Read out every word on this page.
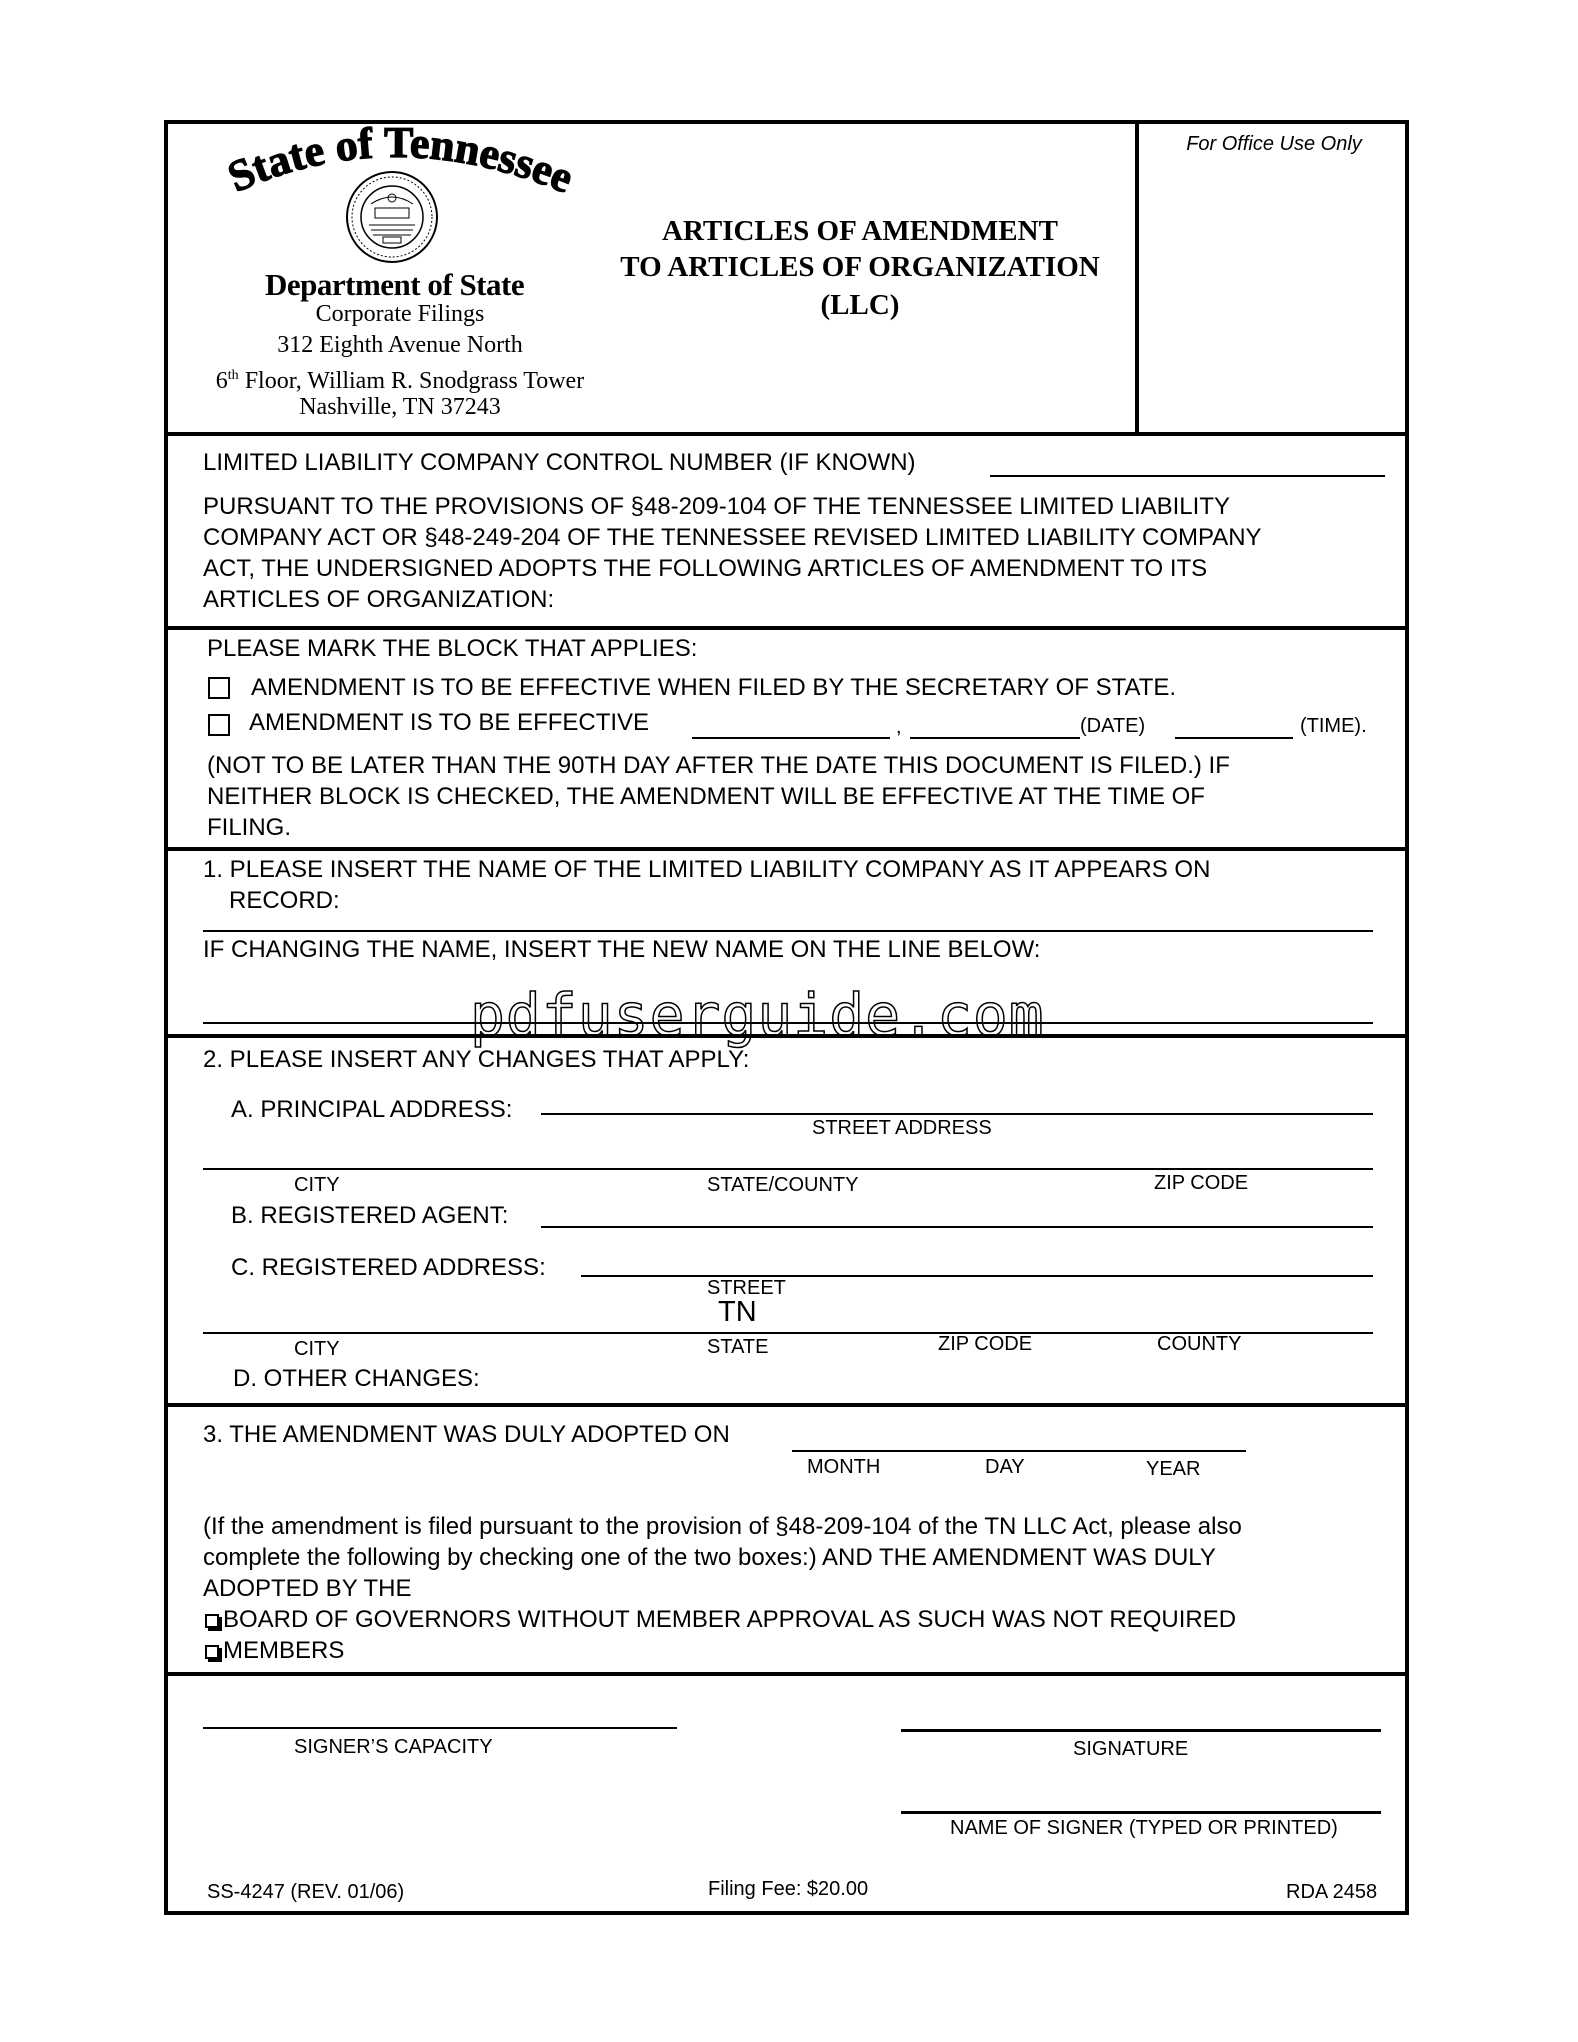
State of Tennessee
Department of State
Corporate Filings
312 Eighth Avenue North
6th Floor, William R. Snodgrass Tower
Nashville, TN 37243
ARTICLES OF AMENDMENT
TO ARTICLES OF ORGANIZATION
(LLC)
For Office Use Only
LIMITED LIABILITY COMPANY CONTROL NUMBER (IF KNOWN)
PURSUANT TO THE PROVISIONS OF §48-209-104 OF THE TENNESSEE LIMITED LIABILITY
COMPANY ACT OR §48-249-204 OF THE TENNESSEE REVISED LIMITED LIABILITY COMPANY
ACT, THE UNDERSIGNED ADOPTS THE FOLLOWING ARTICLES OF AMENDMENT TO ITS
ARTICLES OF ORGANIZATION:
PLEASE MARK THE BLOCK THAT APPLIES:
AMENDMENT IS TO BE EFFECTIVE WHEN FILED BY THE SECRETARY OF STATE.
AMENDMENT IS TO BE EFFECTIVE	,	(DATE)	(TIME).
(NOT TO BE LATER THAN THE 90TH DAY AFTER THE DATE THIS DOCUMENT IS FILED.) IF
NEITHER BLOCK IS CHECKED, THE AMENDMENT WILL BE EFFECTIVE AT THE TIME OF
FILING.
1. PLEASE INSERT THE NAME OF THE LIMITED LIABILITY COMPANY AS IT APPEARS ON
RECORD:
IF CHANGING THE NAME, INSERT THE NEW NAME ON THE LINE BELOW:
pdfuserguide.com
2. PLEASE INSERT ANY CHANGES THAT APPLY:
A. PRINCIPAL ADDRESS:
STREET ADDRESS
CITY	STATE/COUNTY	ZIP CODE
B. REGISTERED AGENT:
C. REGISTERED ADDRESS:
STREET
TN
CITY	STATE	ZIP CODE	COUNTY
D. OTHER CHANGES:
3. THE AMENDMENT WAS DULY ADOPTED ON
MONTH	DAY	YEAR
(If the amendment is filed pursuant to the provision of §48-209-104 of the TN LLC Act, please also
complete the following by checking one of the two boxes:) AND THE AMENDMENT WAS DULY
ADOPTED BY THE
BOARD OF GOVERNORS WITHOUT MEMBER APPROVAL AS SUCH WAS NOT REQUIRED
MEMBERS
SIGNER’S CAPACITY	SIGNATURE
NAME OF SIGNER (TYPED OR PRINTED)
SS-4247 (REV. 01/06)	Filing Fee: $20.00	RDA 2458
